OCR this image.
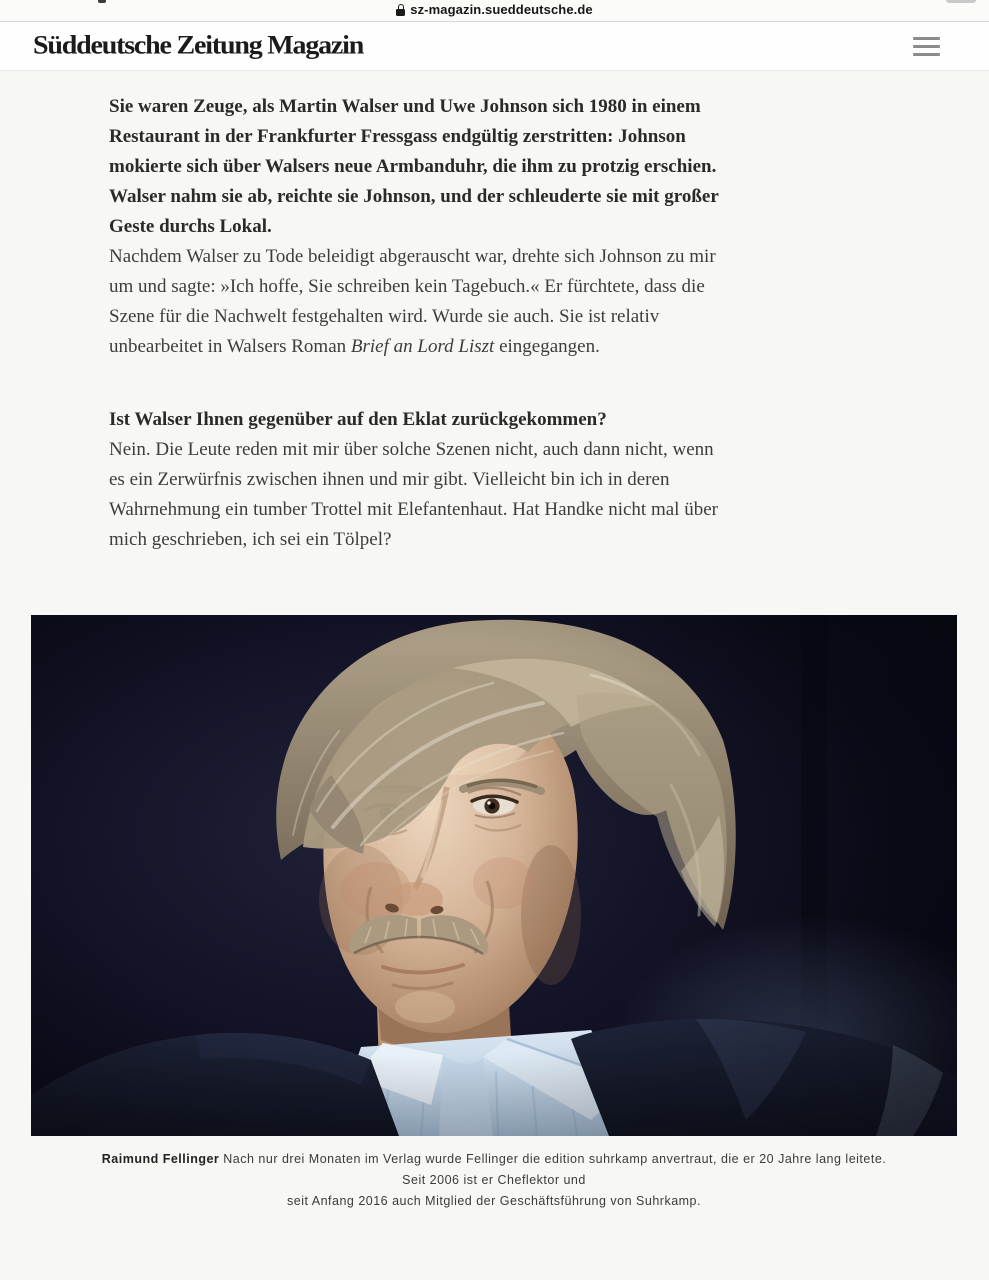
sz-magazin.sueddeutsche.de
Süddeutsche Zeitung Magazin

Sie waren Zeuge, als Martin Walser und Uwe Johnson sich 1980 in einem Restaurant in der Frankfurter Fressgass endgültig zerstritten: Johnson mokierte sich über Walsers neue Armbanduhr, die ihm zu protzig erschien. Walser nahm sie ab, reichte sie Johnson, und der schleuderte sie mit großer Geste durchs Lokal.

Nachdem Walser zu Tode beleidigt abgerauscht war, drehte sich Johnson zu mir um und sagte: »Ich hoffe, Sie schreiben kein Tagebuch.« Er fürchtete, dass die Szene für die Nachwelt festgehalten wird. Wurde sie auch. Sie ist relativ unbearbeitet in Walsers Roman Brief an Lord Liszt eingegangen.

Ist Walser Ihnen gegenüber auf den Eklat zurückgekommen?

Nein. Die Leute reden mit mir über solche Szenen nicht, auch dann nicht, wenn es ein Zerwürfnis zwischen ihnen und mir gibt. Vielleicht bin ich in deren Wahrnehmung ein tumber Trottel mit Elefantenhaut. Hat Handke nicht mal über mich geschrieben, ich sei ein Tölpel?

Raimund Fellinger Nach nur drei Monaten im Verlag wurde Fellinger die edition suhrkamp anvertraut, die er 20 Jahre lang leitete.
Seit 2006 ist er Cheflektor und
seit Anfang 2016 auch Mitglied der Geschäftsführung von Suhrkamp.
